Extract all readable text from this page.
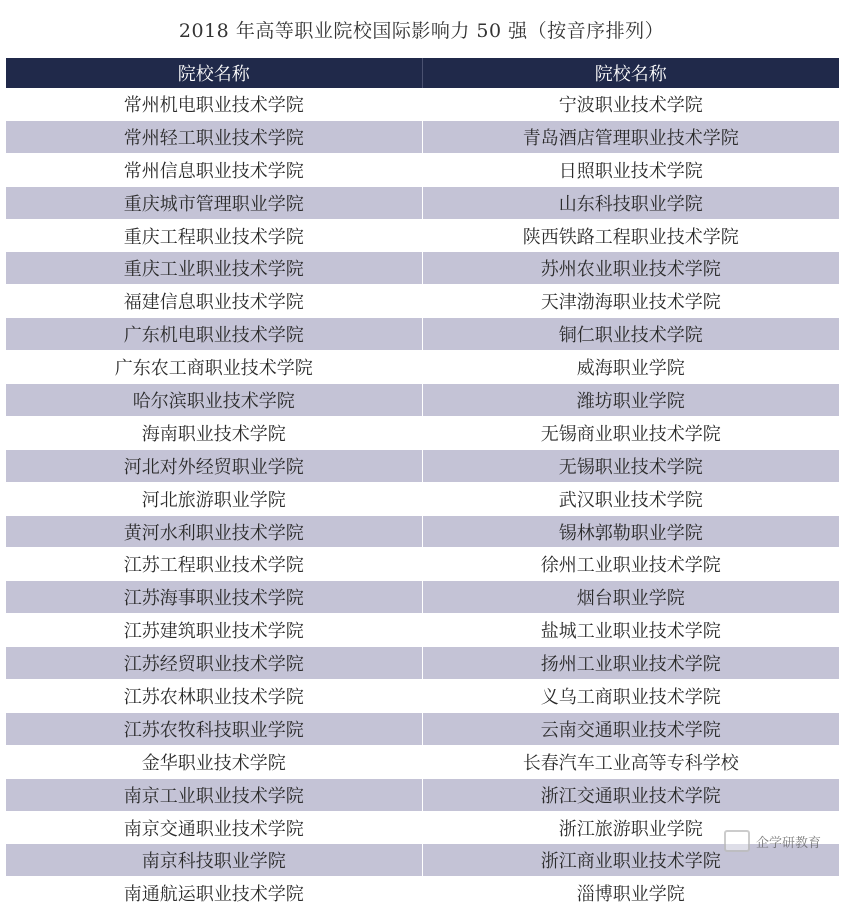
2018 年高等职业院校国际影响力 50 强（按音序排列）
院校名称	院校名称
常州机电职业技术学院	宁波职业技术学院
常州轻工职业技术学院	青岛酒店管理职业技术学院
常州信息职业技术学院	日照职业技术学院
重庆城市管理职业学院	山东科技职业学院
重庆工程职业技术学院	陕西铁路工程职业技术学院
重庆工业职业技术学院	苏州农业职业技术学院
福建信息职业技术学院	天津渤海职业技术学院
广东机电职业技术学院	铜仁职业技术学院
广东农工商职业技术学院	威海职业学院
哈尔滨职业技术学院	潍坊职业学院
海南职业技术学院	无锡商业职业技术学院
河北对外经贸职业学院	无锡职业技术学院
河北旅游职业学院	武汉职业技术学院
黄河水利职业技术学院	锡林郭勒职业学院
江苏工程职业技术学院	徐州工业职业技术学院
江苏海事职业技术学院	烟台职业学院
江苏建筑职业技术学院	盐城工业职业技术学院
江苏经贸职业技术学院	扬州工业职业技术学院
江苏农林职业技术学院	义乌工商职业技术学院
江苏农牧科技职业学院	云南交通职业技术学院
金华职业技术学院	长春汽车工业高等专科学校
南京工业职业技术学院	浙江交通职业技术学院
南京交通职业技术学院	浙江旅游职业学院
南京科技职业学院	浙江商业职业技术学院
南通航运职业技术学院	淄博职业学院
企学研教育
